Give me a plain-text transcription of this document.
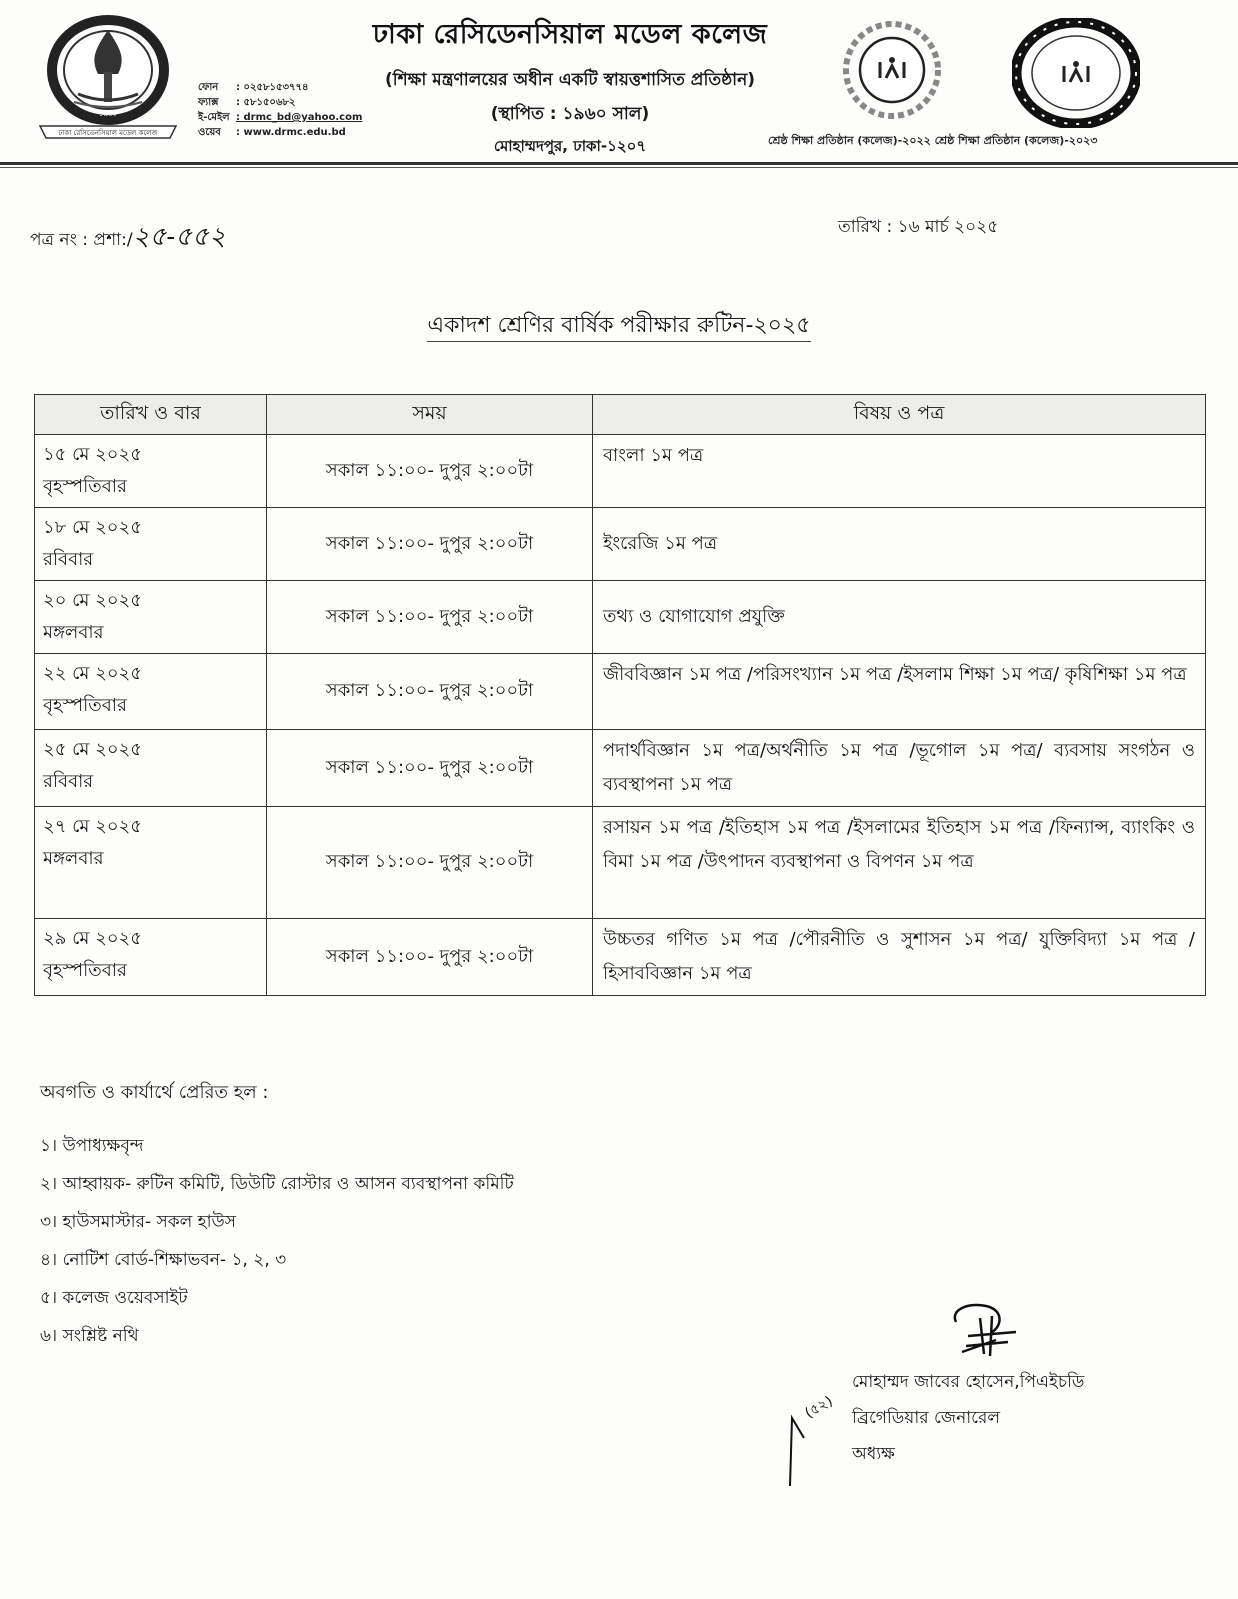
১৯৬০
ঢাকা রেসিডেনসিয়াল মডেল কলেজ
ফোন	: ০২৫৮১৫৩৭৭৪
ফ্যাক্স	: ৫৮১৫০৬৮২
ই-মেইল : drmc_bd@yahoo.com
ওয়েব	: www.drmc.edu.bd
ঢাকা রেসিডেনসিয়াল মডেল কলেজ
(শিক্ষা মন্ত্রণালয়ের অধীন একটি স্বায়ত্তশাসিত প্রতিষ্ঠান)
(স্থাপিত : ১৯৬০ সাল)
মোহাম্মদপুর, ঢাকা-১২০৭	শ্রেষ্ঠ শিক্ষা প্রতিষ্ঠান (কলেজ)-২০২২ শ্রেষ্ঠ শিক্ষা প্রতিষ্ঠান (কলেজ)-২০২৩
পত্র নং : প্রশা:/২৫-৫৫২	তারিখ : ১৬ মার্চ ২০২৫
একাদশ শ্রেণির বার্ষিক পরীক্ষার রুটিন-২০২৫
তারিখ ও বার	সময়	বিষয় ও পত্র

১৫ মে ২০২৫
বৃহস্পতিবার	সকাল ১১:০০- দুপুর ২:০০টা	বাংলা ১ম পত্র

১৮ মে ২০২৫
রবিবার	সকাল ১১:০০- দুপুর ২:০০টা	ইংরেজি ১ম পত্র

২০ মে ২০২৫
মঙ্গলবার	সকাল ১১:০০- দুপুর ২:০০টা	তথ্য ও যোগাযোগ প্রযুক্তি

২২ মে ২০২৫
বৃহস্পতিবার	সকাল ১১:০০- দুপুর ২:০০টা	জীববিজ্ঞান ১ম পত্র /পরিসংখ্যান ১ম পত্র /ইসলাম শিক্ষা ১ম পত্র/ কৃষিশিক্ষা ১ম পত্র

২৫ মে ২০২৫
রবিবার	সকাল ১১:০০- দুপুর ২:০০টা	পদার্থবিজ্ঞান ১ম পত্র/অর্থনীতি ১ম পত্র /ভূগোল ১ম পত্র/ ব্যবসায় সংগঠন ও ব্যবস্থাপনা ১ম পত্র

২৭ মে ২০২৫
মঙ্গলবার	সকাল ১১:০০- দুপুর ২:০০টা	রসায়ন ১ম পত্র /ইতিহাস ১ম পত্র /ইসলামের ইতিহাস ১ম পত্র /ফিন্যান্স, ব্যাংকিং ও বিমা ১ম পত্র /উৎপাদন ব্যবস্থাপনা ও বিপণন ১ম পত্র

২৯ মে ২০২৫
বৃহস্পতিবার	সকাল ১১:০০- দুপুর ২:০০টা	উচ্চতর গণিত ১ম পত্র /পৌরনীতি ও সুশাসন ১ম পত্র/ যুক্তিবিদ্যা ১ম পত্র /হিসাববিজ্ঞান ১ম পত্র
অবগতি ও কার্যার্থে প্রেরিত হল :
১। উপাধ্যক্ষবৃন্দ
২। আহ্বায়ক- রুটিন কমিটি, ডিউটি রোস্টার ও আসন ব্যবস্থাপনা কমিটি
৩। হাউসমাস্টার- সকল হাউস
৪। নোটিশ বোর্ড-শিক্ষাভবন- ১, ২, ৩
৫। কলেজ ওয়েবসাইট
৬। সংশ্লিষ্ট নথি
(৫২)
মোহাম্মদ জাবের হোসেন,পিএইচডি
ব্রিগেডিয়ার জেনারেল
অধ্যক্ষ
